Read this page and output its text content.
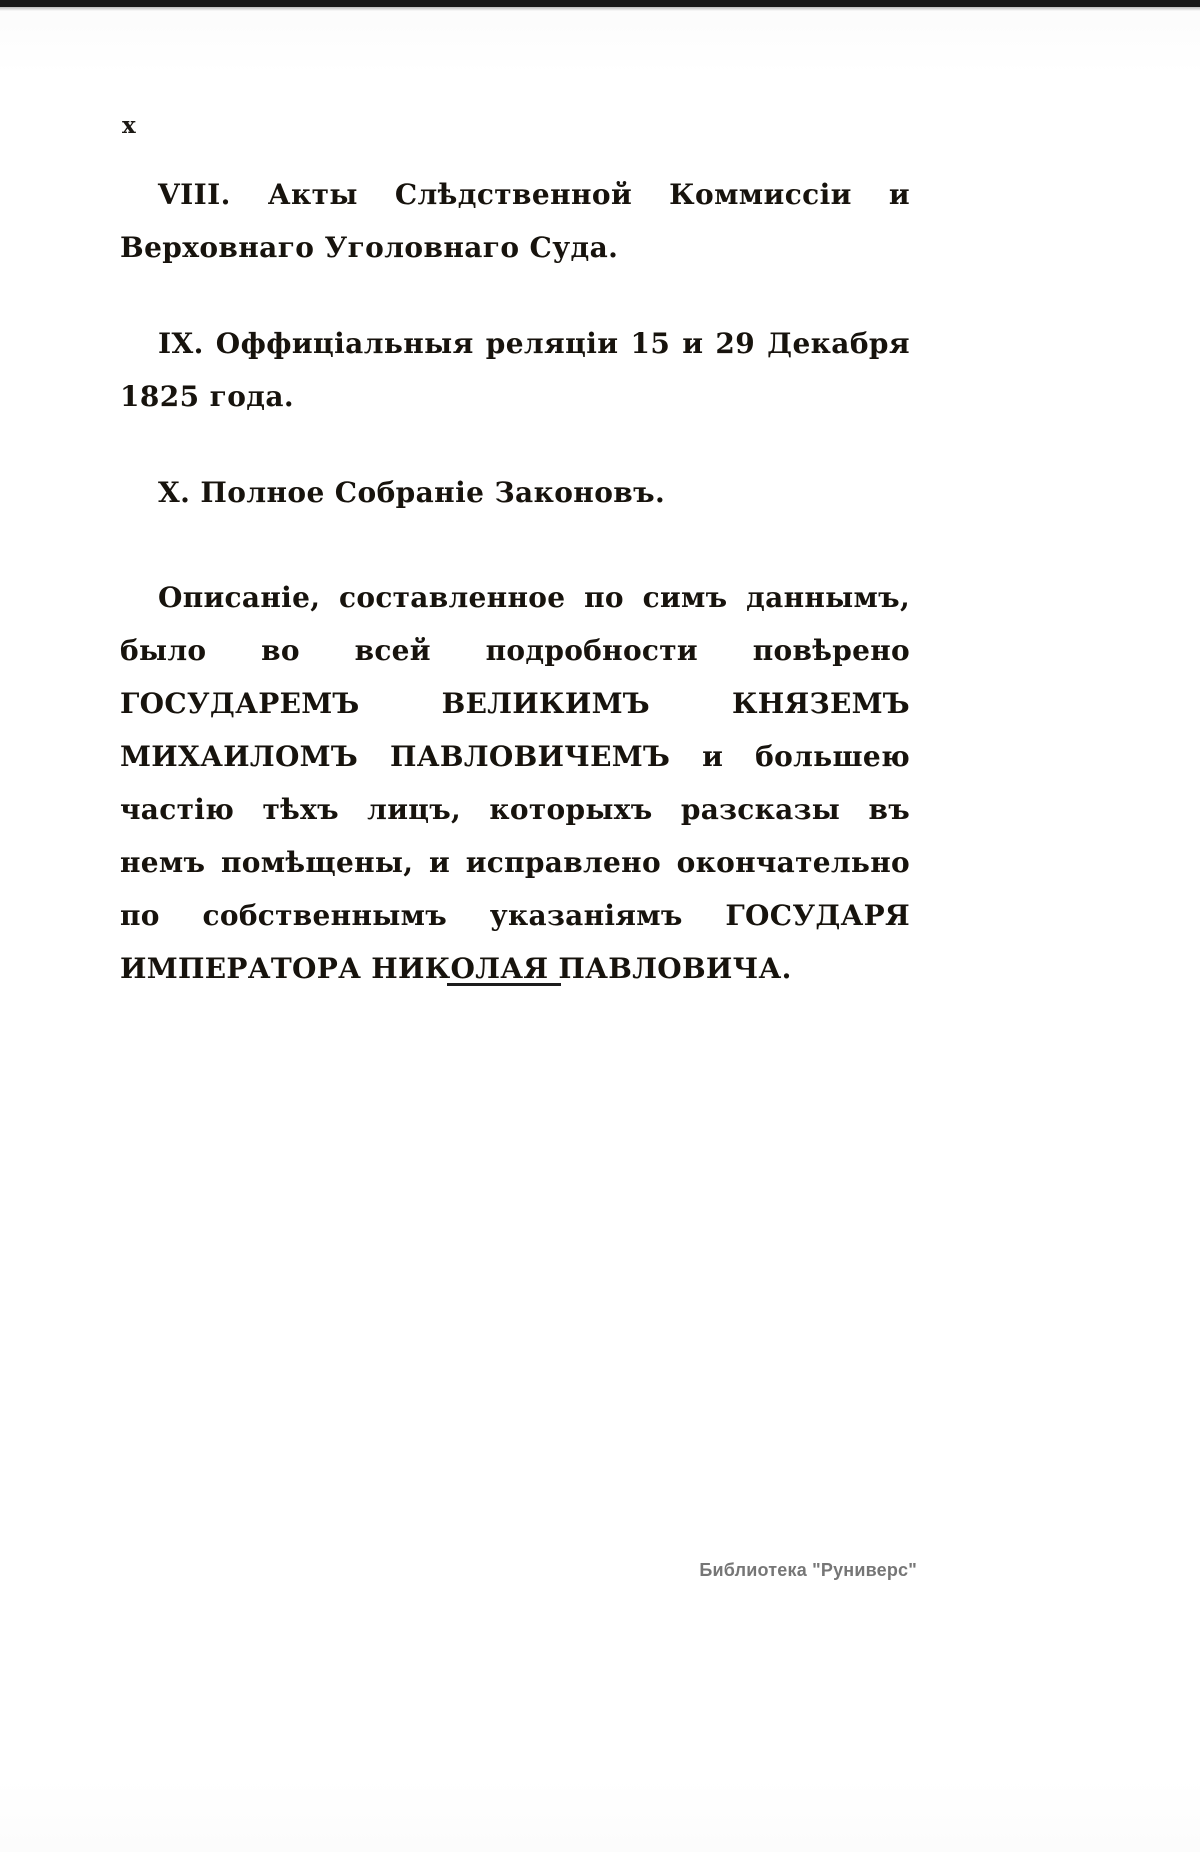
x

VIII. Акты Слѣдственной Коммиссіи и Верховнаго Уголовнаго Суда.

IX. Оффиціальныя реляціи 15 и 29 Декабря 1825 года.

X. Полное Собраніе Законовъ.

Описаніе, составленное по симъ даннымъ, было во всей подробности повѣрено ГОСУДАРЕМЪ ВЕЛИКИМЪ КНЯЗЕМЪ МИХАИЛОМЪ ПАВЛОВИЧЕМЪ и большею частію тѣхъ лицъ, которыхъ разсказы въ немъ помѣщены, и исправлено окончательно по собственнымъ указаніямъ ГОСУДАРЯ ИМПЕРАТОРА НИКОЛАЯ ПАВЛОВИЧА.

Библиотека "Руниверс"
